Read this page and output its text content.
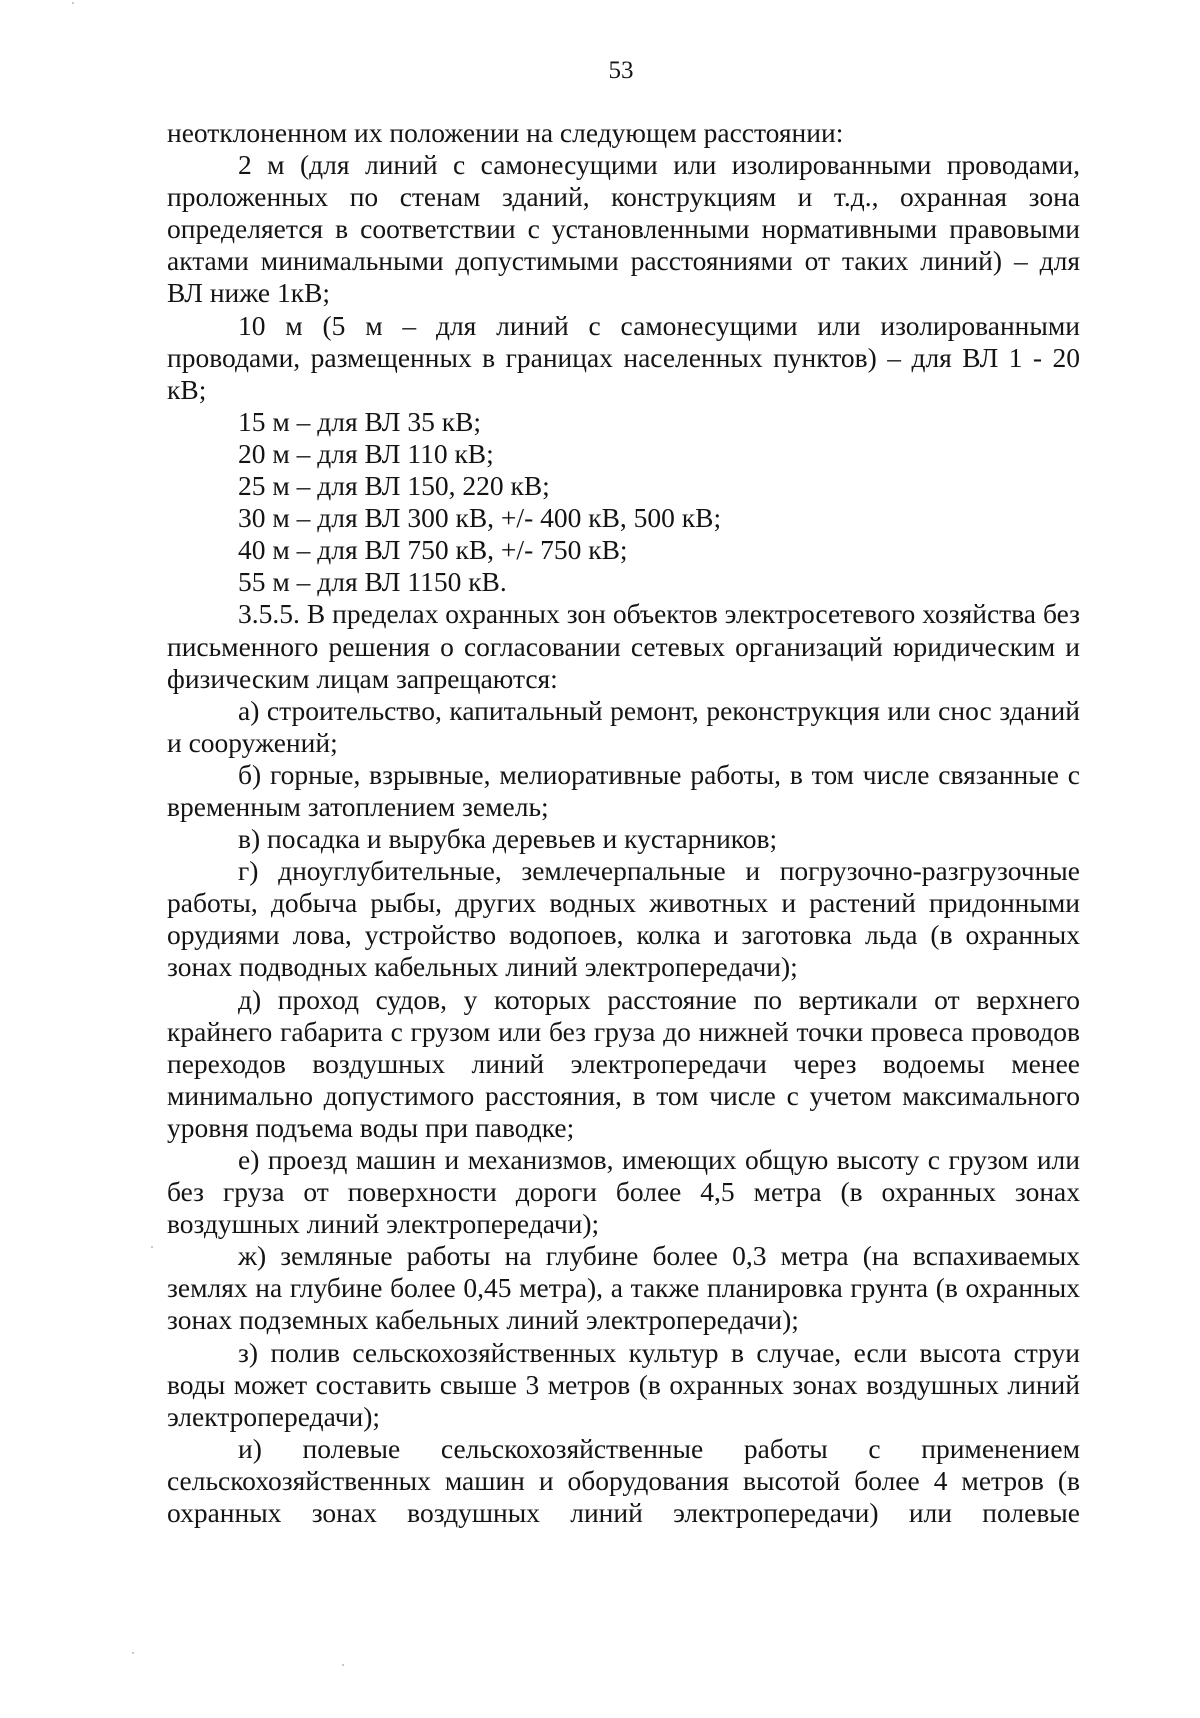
53

неотклоненном их положении на следующем расстоянии:

2 м (для линий с самонесущими или изолированными проводами, проложенных по стенам зданий, конструкциям и т.д., охранная зона определяется в соответствии с установленными нормативными правовыми актами минимальными допустимыми расстояниями от таких линий) – для ВЛ ниже 1кВ;

10 м (5 м – для линий с самонесущими или изолированными проводами, размещенных в границах населенных пунктов) – для ВЛ 1 - 20 кВ;

15 м – для ВЛ 35 кВ;

20 м – для ВЛ 110 кВ;

25 м – для ВЛ 150, 220 кВ;

30 м – для ВЛ 300 кВ, +/- 400 кВ, 500 кВ;

40 м – для ВЛ 750 кВ, +/- 750 кВ;

55 м – для ВЛ 1150 кВ.

3.5.5. В пределах охранных зон объектов электросетевого хозяйства без письменного решения о согласовании сетевых организаций юридическим и физическим лицам запрещаются:

а) строительство, капитальный ремонт, реконструкция или снос зданий и сооружений;

б) горные, взрывные, мелиоративные работы, в том числе связанные с временным затоплением земель;

в) посадка и вырубка деревьев и кустарников;

г) дноуглубительные, землечерпальные и погрузочно-разгрузочные работы, добыча рыбы, других водных животных и растений придонными орудиями лова, устройство водопоев, колка и заготовка льда (в охранных зонах подводных кабельных линий электропередачи);

д) проход судов, у которых расстояние по вертикали от верхнего крайнего габарита с грузом или без груза до нижней точки провеса проводов переходов воздушных линий электропередачи через водоемы менее минимально допустимого расстояния, в том числе с учетом максимального уровня подъема воды при паводке;

е) проезд машин и механизмов, имеющих общую высоту с грузом или без груза от поверхности дороги более 4,5 метра (в охранных зонах воздушных линий электропередачи);

ж) земляные работы на глубине более 0,3 метра (на вспахиваемых землях на глубине более 0,45 метра), а также планировка грунта (в охранных зонах подземных кабельных линий электропередачи);

з) полив сельскохозяйственных культур в случае, если высота струи воды может составить свыше 3 метров (в охранных зонах воздушных линий электропередачи);

и) полевые сельскохозяйственные работы с применением сельскохозяйственных машин и оборудования высотой более 4 метров (в охранных зонах воздушных линий электропередачи) или полевые
